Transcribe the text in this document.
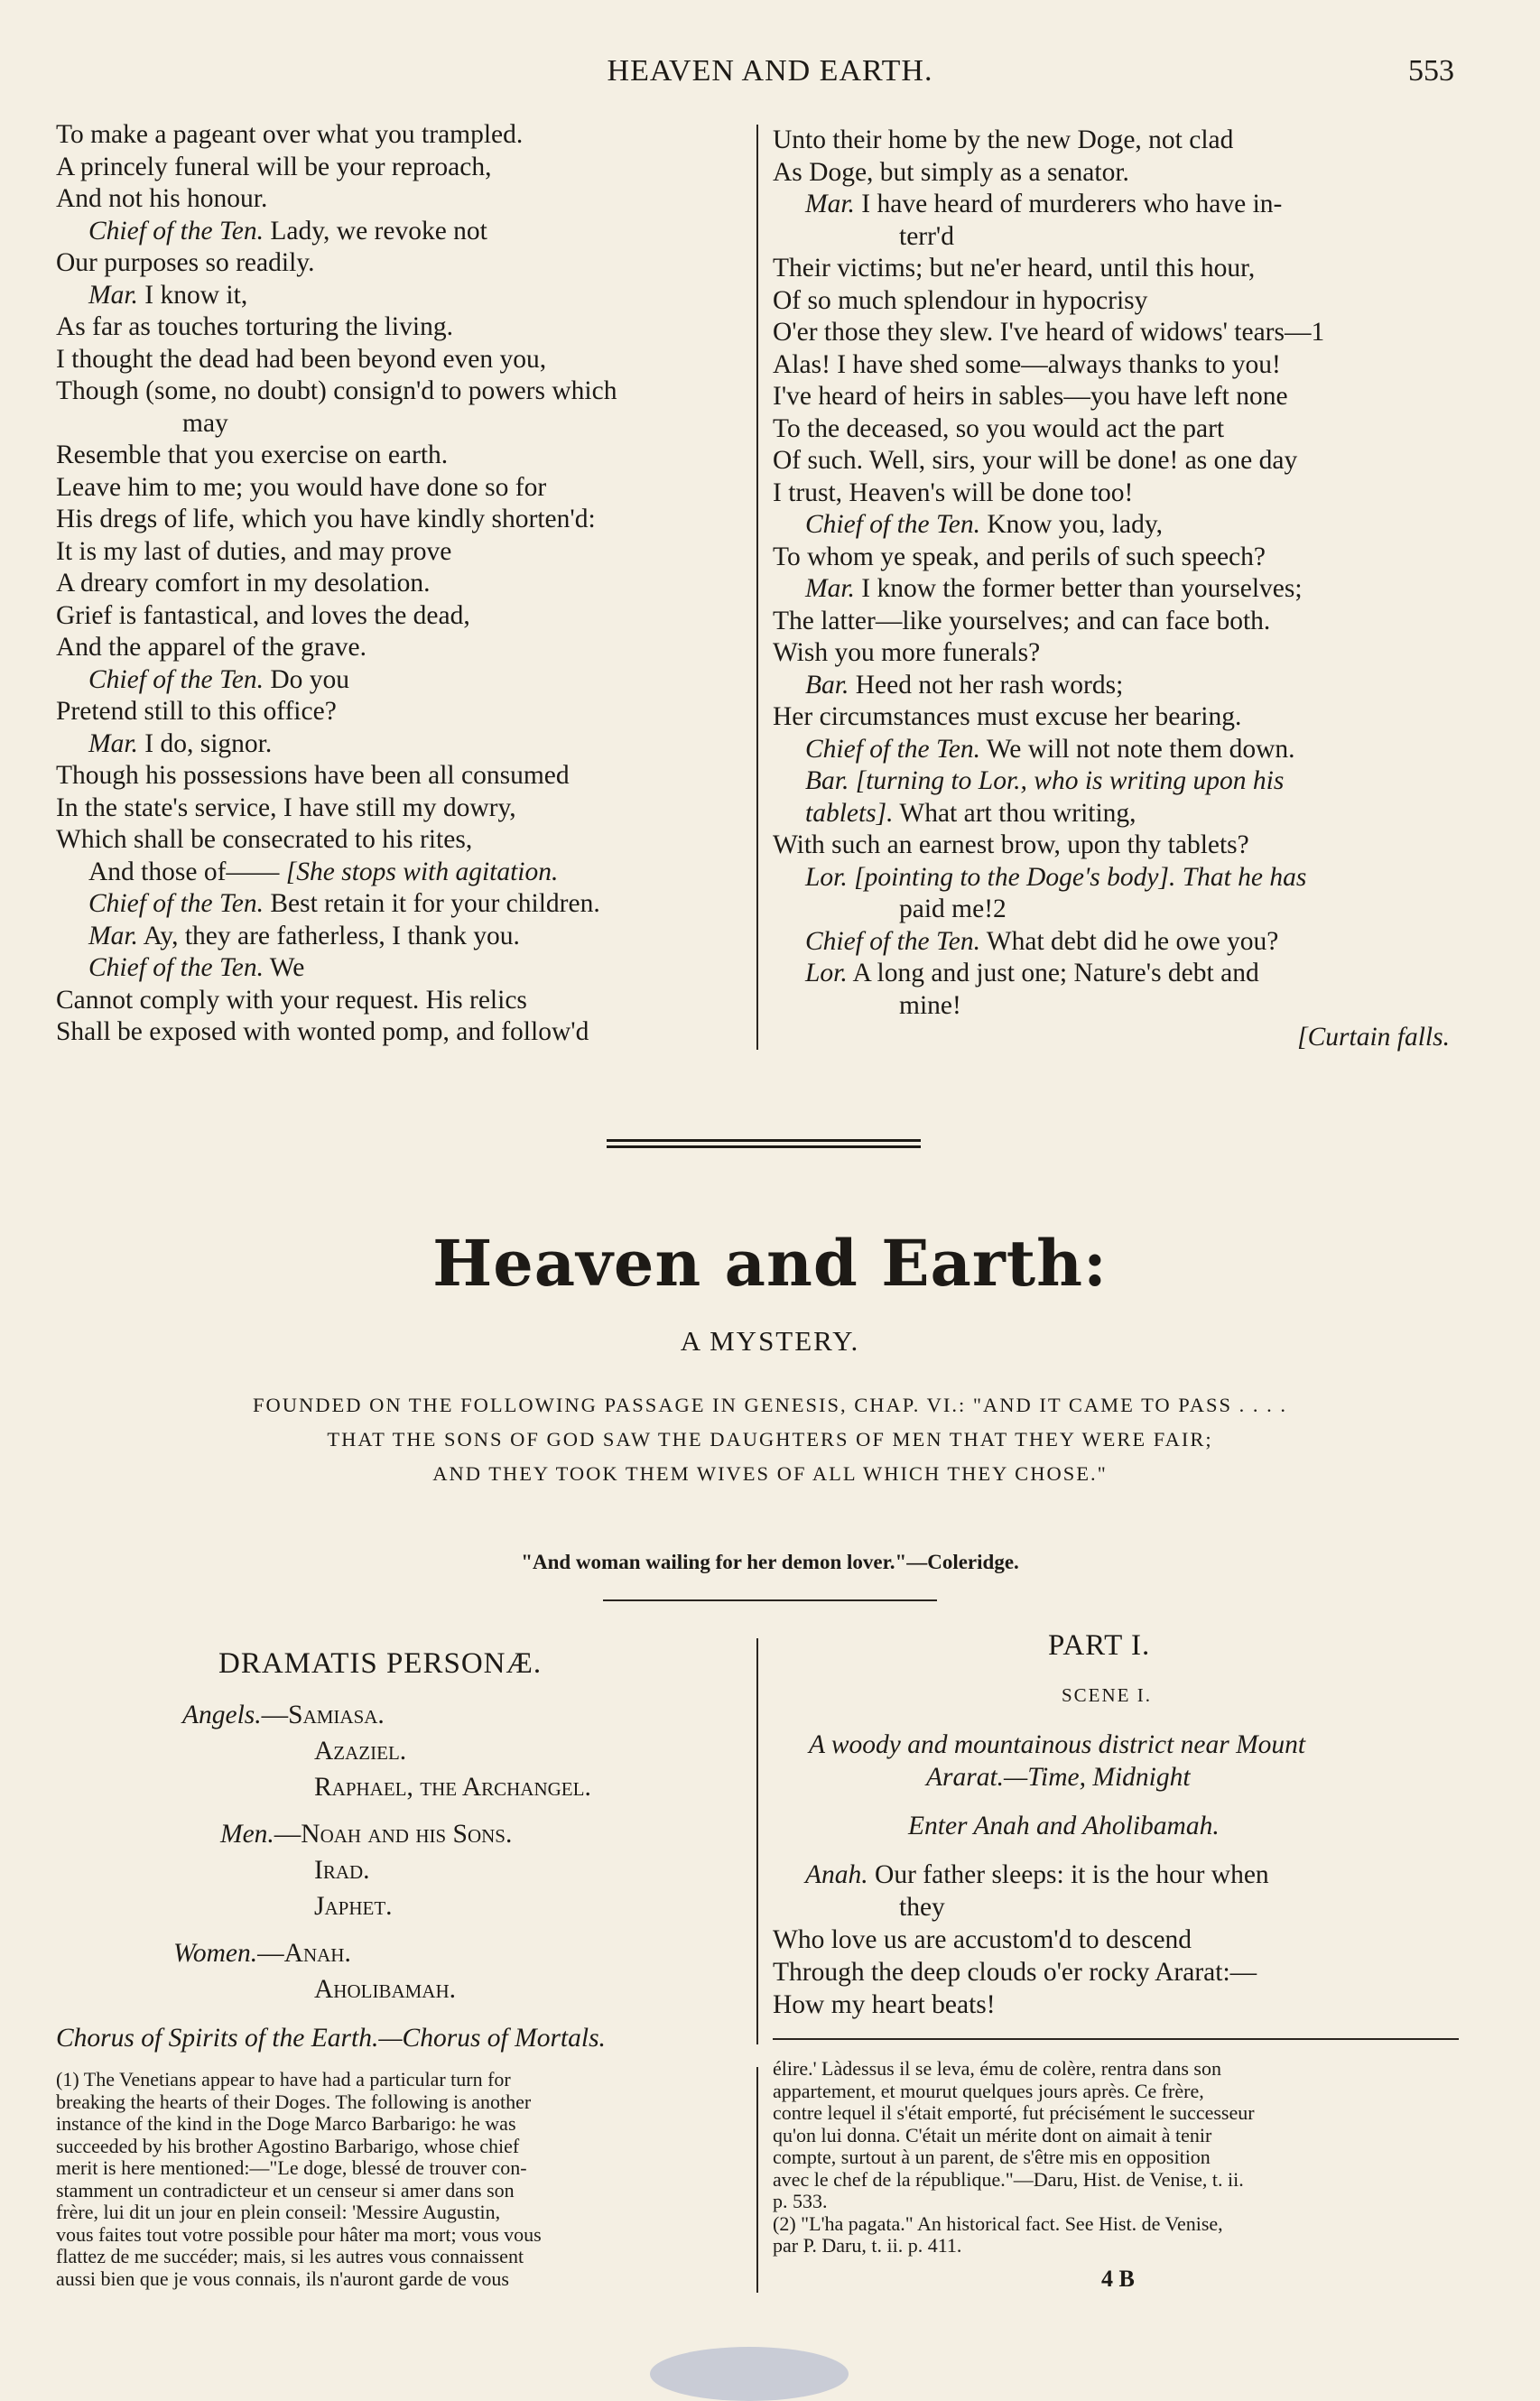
HEAVEN AND EARTH.	553
To make a pageant over what you trampled.
A princely funeral will be your reproach,
And not his honour.
Chief of the Ten. Lady, we revoke not
Our purposes so readily.
Mar. I know it,
As far as touches torturing the living.
I thought the dead had been beyond even you,
Though (some, no doubt) consign'd to powers which
may
Resemble that you exercise on earth.
Leave him to me; you would have done so for
His dregs of life, which you have kindly shorten'd:
It is my last of duties, and may prove
A dreary comfort in my desolation.
Grief is fantastical, and loves the dead,
And the apparel of the grave.
Chief of the Ten. Do you
Pretend still to this office?
Mar. I do, signor.
Though his possessions have been all consumed
In the state's service, I have still my dowry,
Which shall be consecrated to his rites,
And those of—— [She stops with agitation.
Chief of the Ten. Best retain it for your children.
Mar. Ay, they are fatherless, I thank you.
Chief of the Ten. We
Cannot comply with your request. His relics
Shall be exposed with wonted pomp, and follow'd
Unto their home by the new Doge, not clad
As Doge, but simply as a senator.
Mar. I have heard of murderers who have in-
terr'd
Their victims; but ne'er heard, until this hour,
Of so much splendour in hypocrisy
O'er those they slew. I've heard of widows' tears—1
Alas! I have shed some—always thanks to you!
I've heard of heirs in sables—you have left none
To the deceased, so you would act the part
Of such. Well, sirs, your will be done! as one day
I trust, Heaven's will be done too!
Chief of the Ten. Know you, lady,
To whom ye speak, and perils of such speech?
Mar. I know the former better than yourselves;
The latter—like yourselves; and can face both.
Wish you more funerals?
Bar. Heed not her rash words;
Her circumstances must excuse her bearing.
Chief of the Ten. We will not note them down.
Bar. [turning to Lor., who is writing upon his
tablets]. What art thou writing,
With such an earnest brow, upon thy tablets?
Lor. [pointing to the Doge's body]. That he has
paid me!2
Chief of the Ten. What debt did he owe you?
Lor. A long and just one; Nature's debt and
mine!
[Curtain falls.
Heaven and Earth:
A MYSTERY.
FOUNDED ON THE FOLLOWING PASSAGE IN GENESIS, CHAP. VI.: "AND IT CAME TO PASS . . . .
THAT THE SONS OF GOD SAW THE DAUGHTERS OF MEN THAT THEY WERE FAIR;
AND THEY TOOK THEM WIVES OF ALL WHICH THEY CHOSE."
"And woman wailing for her demon lover."—Coleridge.
DRAMATIS PERSONÆ.
Angels.—Samiasa.
Azaziel.
Raphael, the Archangel.
Men.—Noah and his Sons.
Irad.
Japhet.
Women.—Anah.
Aholibamah.
Chorus of Spirits of the Earth.—Chorus of Mortals.
PART I.
SCENE I.
A woody and mountainous district near Mount
Ararat.—Time, Midnight
Enter Anah and Aholibamah.
Anah. Our father sleeps: it is the hour when
they
Who love us are accustom'd to descend
Through the deep clouds o'er rocky Ararat:—
How my heart beats!
(1) The Venetians appear to have had a particular turn for
breaking the hearts of their Doges. The following is another
instance of the kind in the Doge Marco Barbarigo: he was
succeeded by his brother Agostino Barbarigo, whose chief
merit is here mentioned:—"Le doge, blessé de trouver con-
stamment un contradicteur et un censeur si amer dans son
frère, lui dit un jour en plein conseil: 'Messire Augustin,
vous faites tout votre possible pour hâter ma mort; vous vous
flattez de me succéder; mais, si les autres vous connaissent
aussi bien que je vous connais, ils n'auront garde de vous
élire.' Làdessus il se leva, ému de colère, rentra dans son
appartement, et mourut quelques jours après. Ce frère,
contre lequel il s'était emporté, fut précisément le successeur
qu'on lui donna. C'était un mérite dont on aimait à tenir
compte, surtout à un parent, de s'être mis en opposition
avec le chef de la république."—Daru, Hist. de Venise, t. ii.
p. 533.
(2) "L'ha pagata." An historical fact. See Hist. de Venise,
par P. Daru, t. ii. p. 411.
4 B
